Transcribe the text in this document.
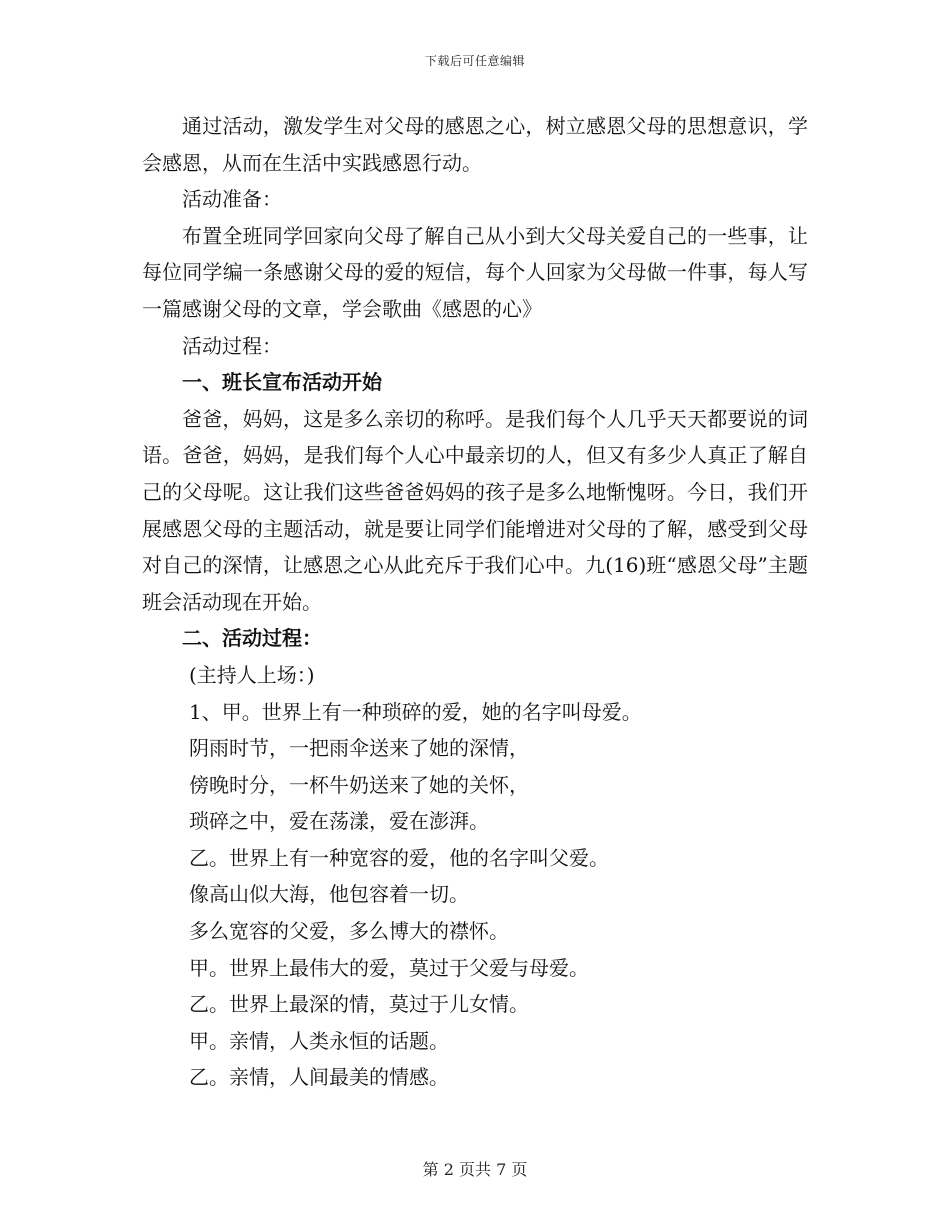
下载后可任意编辑

通过活动，激发学生对父母的感恩之心，树立感恩父母的思想意识，学会感恩，从而在生活中实践感恩行动。

活动准备：

布置全班同学回家向父母了解自己从小到大父母关爱自己的一些事，让每位同学编一条感谢父母的爱的短信，每个人回家为父母做一件事，每人写一篇感谢父母的文章，学会歌曲《感恩的心》

活动过程：

一、班长宣布活动开始

爸爸，妈妈，这是多么亲切的称呼。是我们每个人几乎天天都要说的词语。爸爸，妈妈，是我们每个人心中最亲切的人，但又有多少人真正了解自己的父母呢。这让我们这些爸爸妈妈的孩子是多么地惭愧呀。今日，我们开展感恩父母的主题活动，就是要让同学们能增进对父母的了解，感受到父母对自己的深情，让感恩之心从此充斥于我们心中。九(16)班“感恩父母”主题班会活动现在开始。

二、活动过程：

(主持人上场：)
1、甲。世界上有一种琐碎的爱，她的名字叫母爱。
阴雨时节，一把雨伞送来了她的深情，
傍晚时分，一杯牛奶送来了她的关怀，
琐碎之中，爱在荡漾，爱在澎湃。
乙。世界上有一种宽容的爱，他的名字叫父爱。
像高山似大海，他包容着一切。
多么宽容的父爱，多么博大的襟怀。
甲。世界上最伟大的爱，莫过于父爱与母爱。
乙。世界上最深的情，莫过于儿女情。
甲。亲情，人类永恒的话题。
乙。亲情，人间最美的情感。
第 2 页共 7 页
